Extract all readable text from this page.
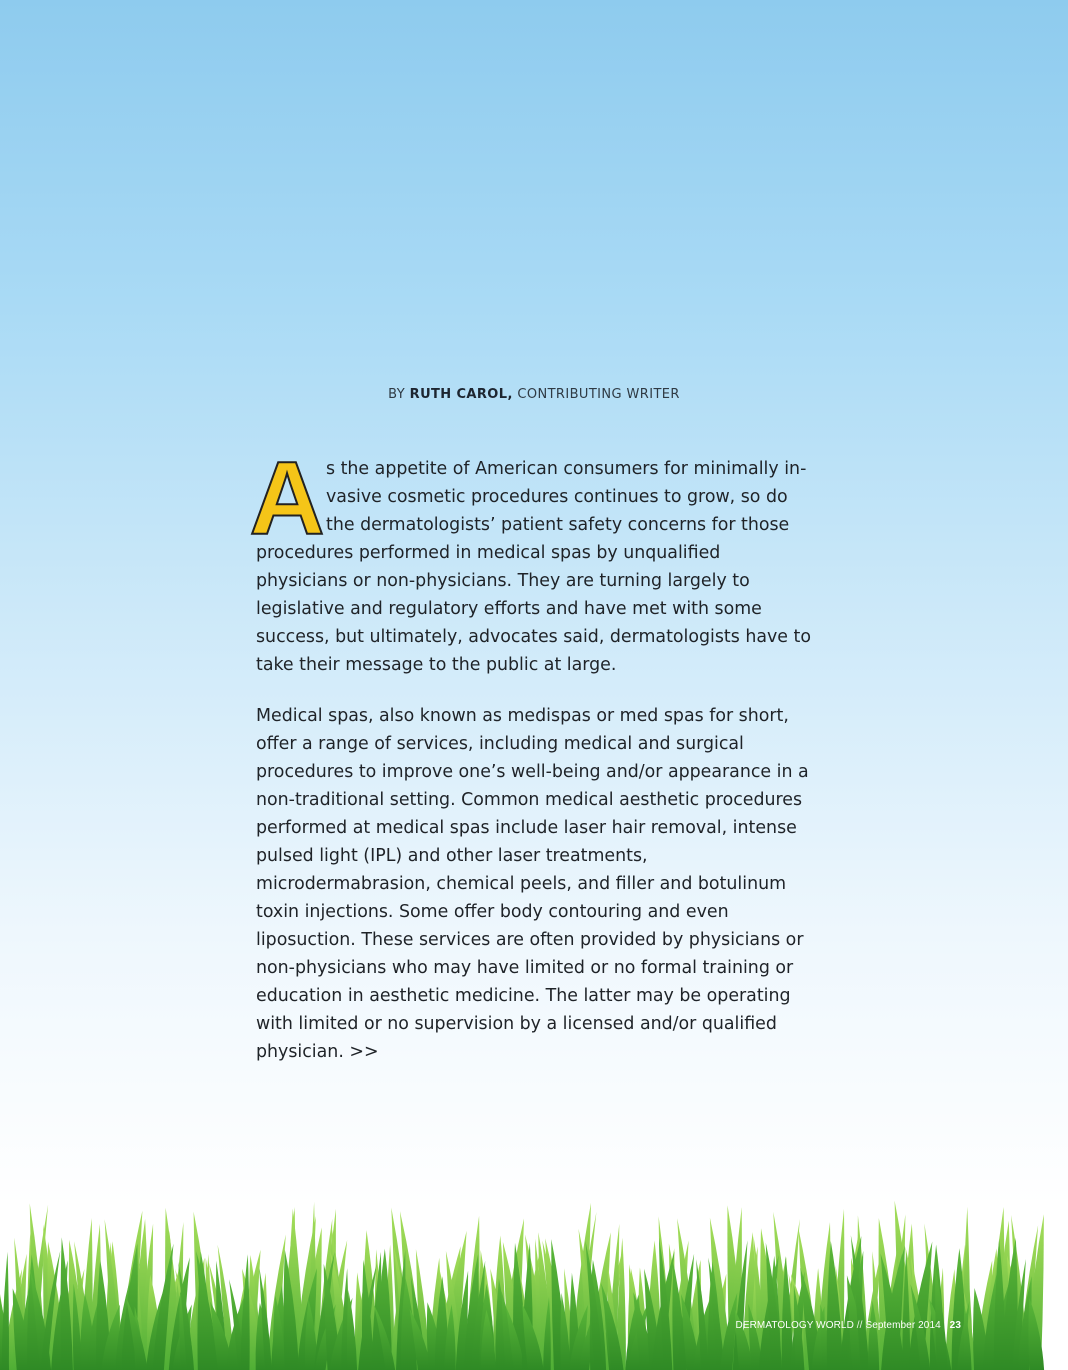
BY RUTH CAROL, CONTRIBUTING WRITER

A s the appetite of American consumers for minimally invasive cosmetic procedures continues to grow, so do the dermatologists’ patient safety concerns for those procedures performed in medical spas by unqualified physicians or non-physicians. They are turning largely to legislative and regulatory efforts and have met with some success, but ultimately, advocates said, dermatologists have to take their message to the public at large.

Medical spas, also known as medispas or med spas for short, offer a range of services, including medical and surgical procedures to improve one’s well-being and/or appearance in a non-traditional setting. Common medical aesthetic procedures performed at medical spas include laser hair removal, intense pulsed light (IPL) and other laser treatments, microdermabrasion, chemical peels, and filler and botulinum toxin injections. Some offer body contouring and even liposuction. These services are often provided by physicians or non-physicians who may have limited or no formal training or education in aesthetic medicine. The latter may be operating with limited or no supervision by a licensed and/or qualified physician. >>

DERMATOLOGY WORLD // September 2014 23
